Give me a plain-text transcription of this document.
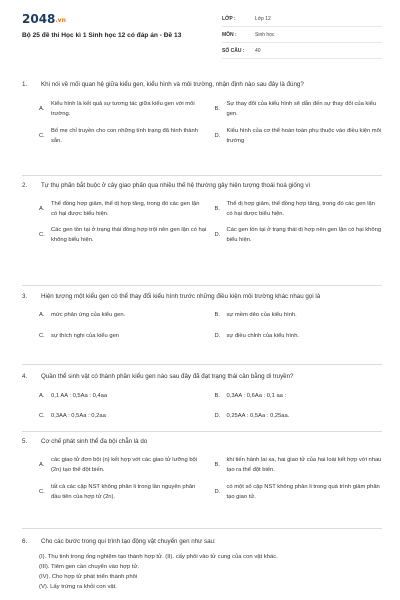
2048.vn
Bộ 25 đề thi Học kì 1 Sinh học 12 có đáp án - Đề 13
LỚP :	Lớp 12
MÔN :	Sinh học
SỐ CÂU :	40
1.	Khi nói về mối quan hệ giữa kiểu gen, kiểu hình và môi trường, nhận định nào sau đây là đúng?
A.
Kiểu hình là kết quả sự tương tác giữa kiểu gen với môi trường.
B.
Sự thay đổi của kiểu hình sẽ dẫn đến sự thay đổi của kiểu gen.
C.
Bố mẹ chỉ truyền cho con những tính trạng đã hình thành sẵn.
D.
Kiểu hình của cơ thể hoàn toàn phụ thuộc vào điều kiện môi trường
2.	Tự thụ phấn bắt buộc ở cây giao phấn qua nhiều thế hệ thường gây hiện tượng thoái hoá giống vì
A.
Thể đồng hợp giảm, thể dị hợp tăng, trong đó các gen lặn có hại được biểu hiện.
B.
Thể dị hợp giảm, thể đồng hợp tăng, trong đó các gen lặn có hại được biểu hiện.
C.
Các gen tồn tại ở trạng thái đồng hợp trội nên gen lặn có hại không biểu hiện.
D.
Các gen tồn tại ở trạng thái dị hợp nên gen lặn có hại không biểu hiện.
3.	Hiện tượng một kiểu gen có thể thay đổi kiểu hình trước những điều kiện môi trường khác nhau gọi là
A.	mức phản ứng của kiểu gen.	B.	sự mềm dẻo của kiểu hình.
C.	sự thích nghi của kiểu gen	D.	sự điều chỉnh của kiểu hình.
4.	Quần thể sinh vật có thành phần kiểu gen nào sau đây đã đạt trạng thái cân bằng di truyền?
A.	0,1 AA : 0,5Aa : 0,4aa	B.	0,3AA : 0,6Aa : 0,1 aa :
C.	0,3AA : 0,5Aa : 0,2aa	D.	0,25AA : 0,5Aa : 0,25aa.
5.	Cơ chế phát sinh thể đa bội chẵn là do
A.
các giao tử đơn bội (n) kết hợp với các giao tử lưỡng bội (2n) tạo thể đột biến.
B.
khi tiến hành lai xa, hai giao tử của hai loài kết hợp với nhau tạo ra thể đột biến.
C.
tất cả các cặp NST không phân li trong lần nguyên phân đầu tiên của hợp tử (2n).
D.
có một số cặp NST không phân li trong quá trình giảm phân tạo giao tử.
6.	Cho các bước trong qui trình tạo động vật chuyển gen như sau:
(I). Thụ tinh trong ống nghiệm tạo thành hợp tử. (II). cấy phôi vào tử cung của con vật khác.
(III). Tiêm gen cần chuyển vào hợp tử.
(IV). Cho hợp tử phát triển thành phôi
(V). Lấy trứng ra khỏi con vật.
